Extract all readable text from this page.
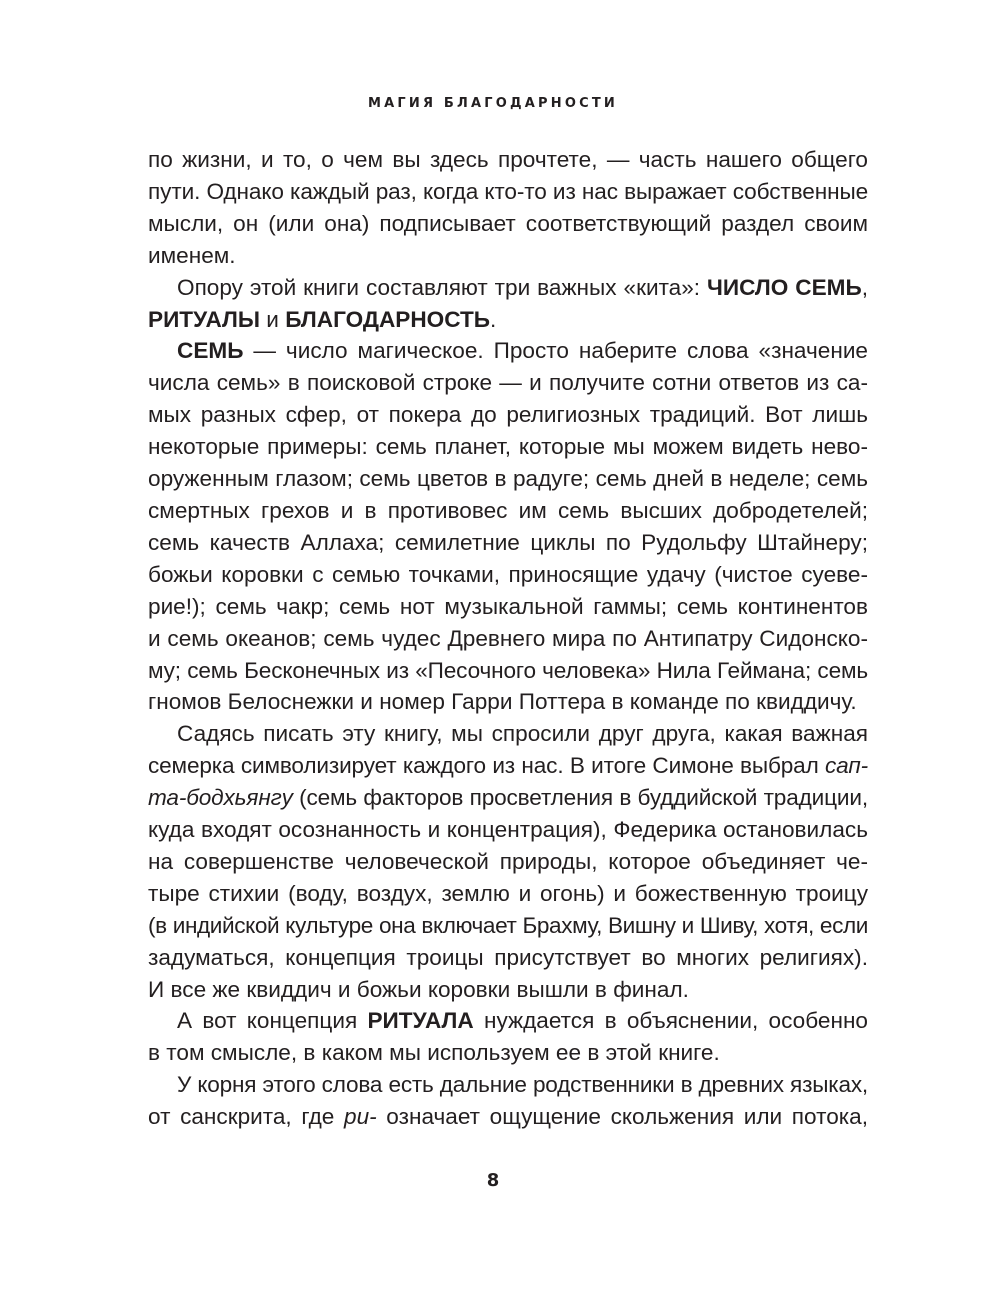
МАГИЯ БЛАГОДАРНОСТИ

по жизни, и то, о чем вы здесь прочтете, — часть нашего общего
пути. Однако каждый раз, когда кто-то из нас выражает собственные
мысли, он (или она) подписывает соответствующий раздел своим
именем.

Опору этой книги составляют три важных «кита»: ЧИСЛО СЕМЬ,
РИТУАЛЫ и БЛАГОДАРНОСТЬ.

СЕМЬ — число магическое. Просто наберите слова «значение
числа семь» в поисковой строке — и получите сотни ответов из са-
мых разных сфер, от покера до религиозных традиций. Вот лишь
некоторые примеры: семь планет, которые мы можем видеть нево-
оруженным глазом; семь цветов в радуге; семь дней в неделе; семь
смертных грехов и в противовес им семь высших добродетелей;
семь качеств Аллаха; семилетние циклы по Рудольфу Штайнеру;
божьи коровки с семью точками, приносящие удачу (чистое суеве-
рие!); семь чакр; семь нот музыкальной гаммы; семь континентов
и семь океанов; семь чудес Древнего мира по Антипатру Сидонско-
му; семь Бесконечных из «Песочного человека» Нила Геймана; семь
гномов Белоснежки и номер Гарри Поттера в команде по квиддичу.

Садясь писать эту книгу, мы спросили друг друга, какая важная
семерка символизирует каждого из нас. В итоге Симоне выбрал сап-
та-бодхьянгу (семь факторов просветления в буддийской традиции,
куда входят осознанность и концентрация), Федерика остановилась
на совершенстве человеческой природы, которое объединяет че-
тыре стихии (воду, воздух, землю и огонь) и божественную троицу
(в индийской культуре она включает Брахму, Вишну и Шиву, хотя, если
задуматься, концепция троицы присутствует во многих религиях).
И все же квиддич и божьи коровки вышли в финал.

А вот концепция РИТУАЛА нуждается в объяснении, особенно
в том смысле, в каком мы используем ее в этой книге.

У корня этого слова есть дальние родственники в древних языках,
от санскрита, где ри- означает ощущение скольжения или потока,

8
